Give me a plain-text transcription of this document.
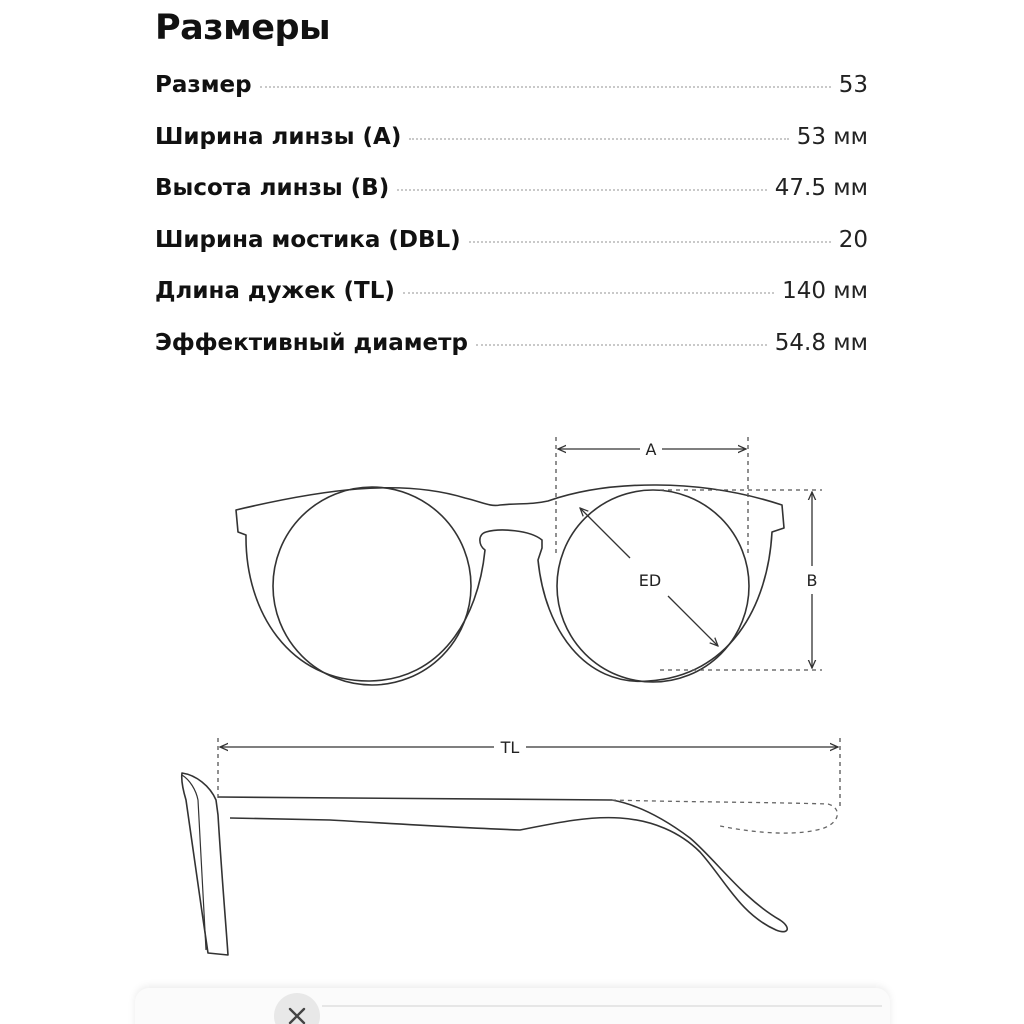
Размеры
Размер	53
Ширина линзы (A)	53 мм
Высота линзы (B)	47.5 мм
Ширина мостика (DBL)	20
Длина дужек (TL)	140 мм
Эффективный диаметр	54.8 мм
A
B
ED
TL
